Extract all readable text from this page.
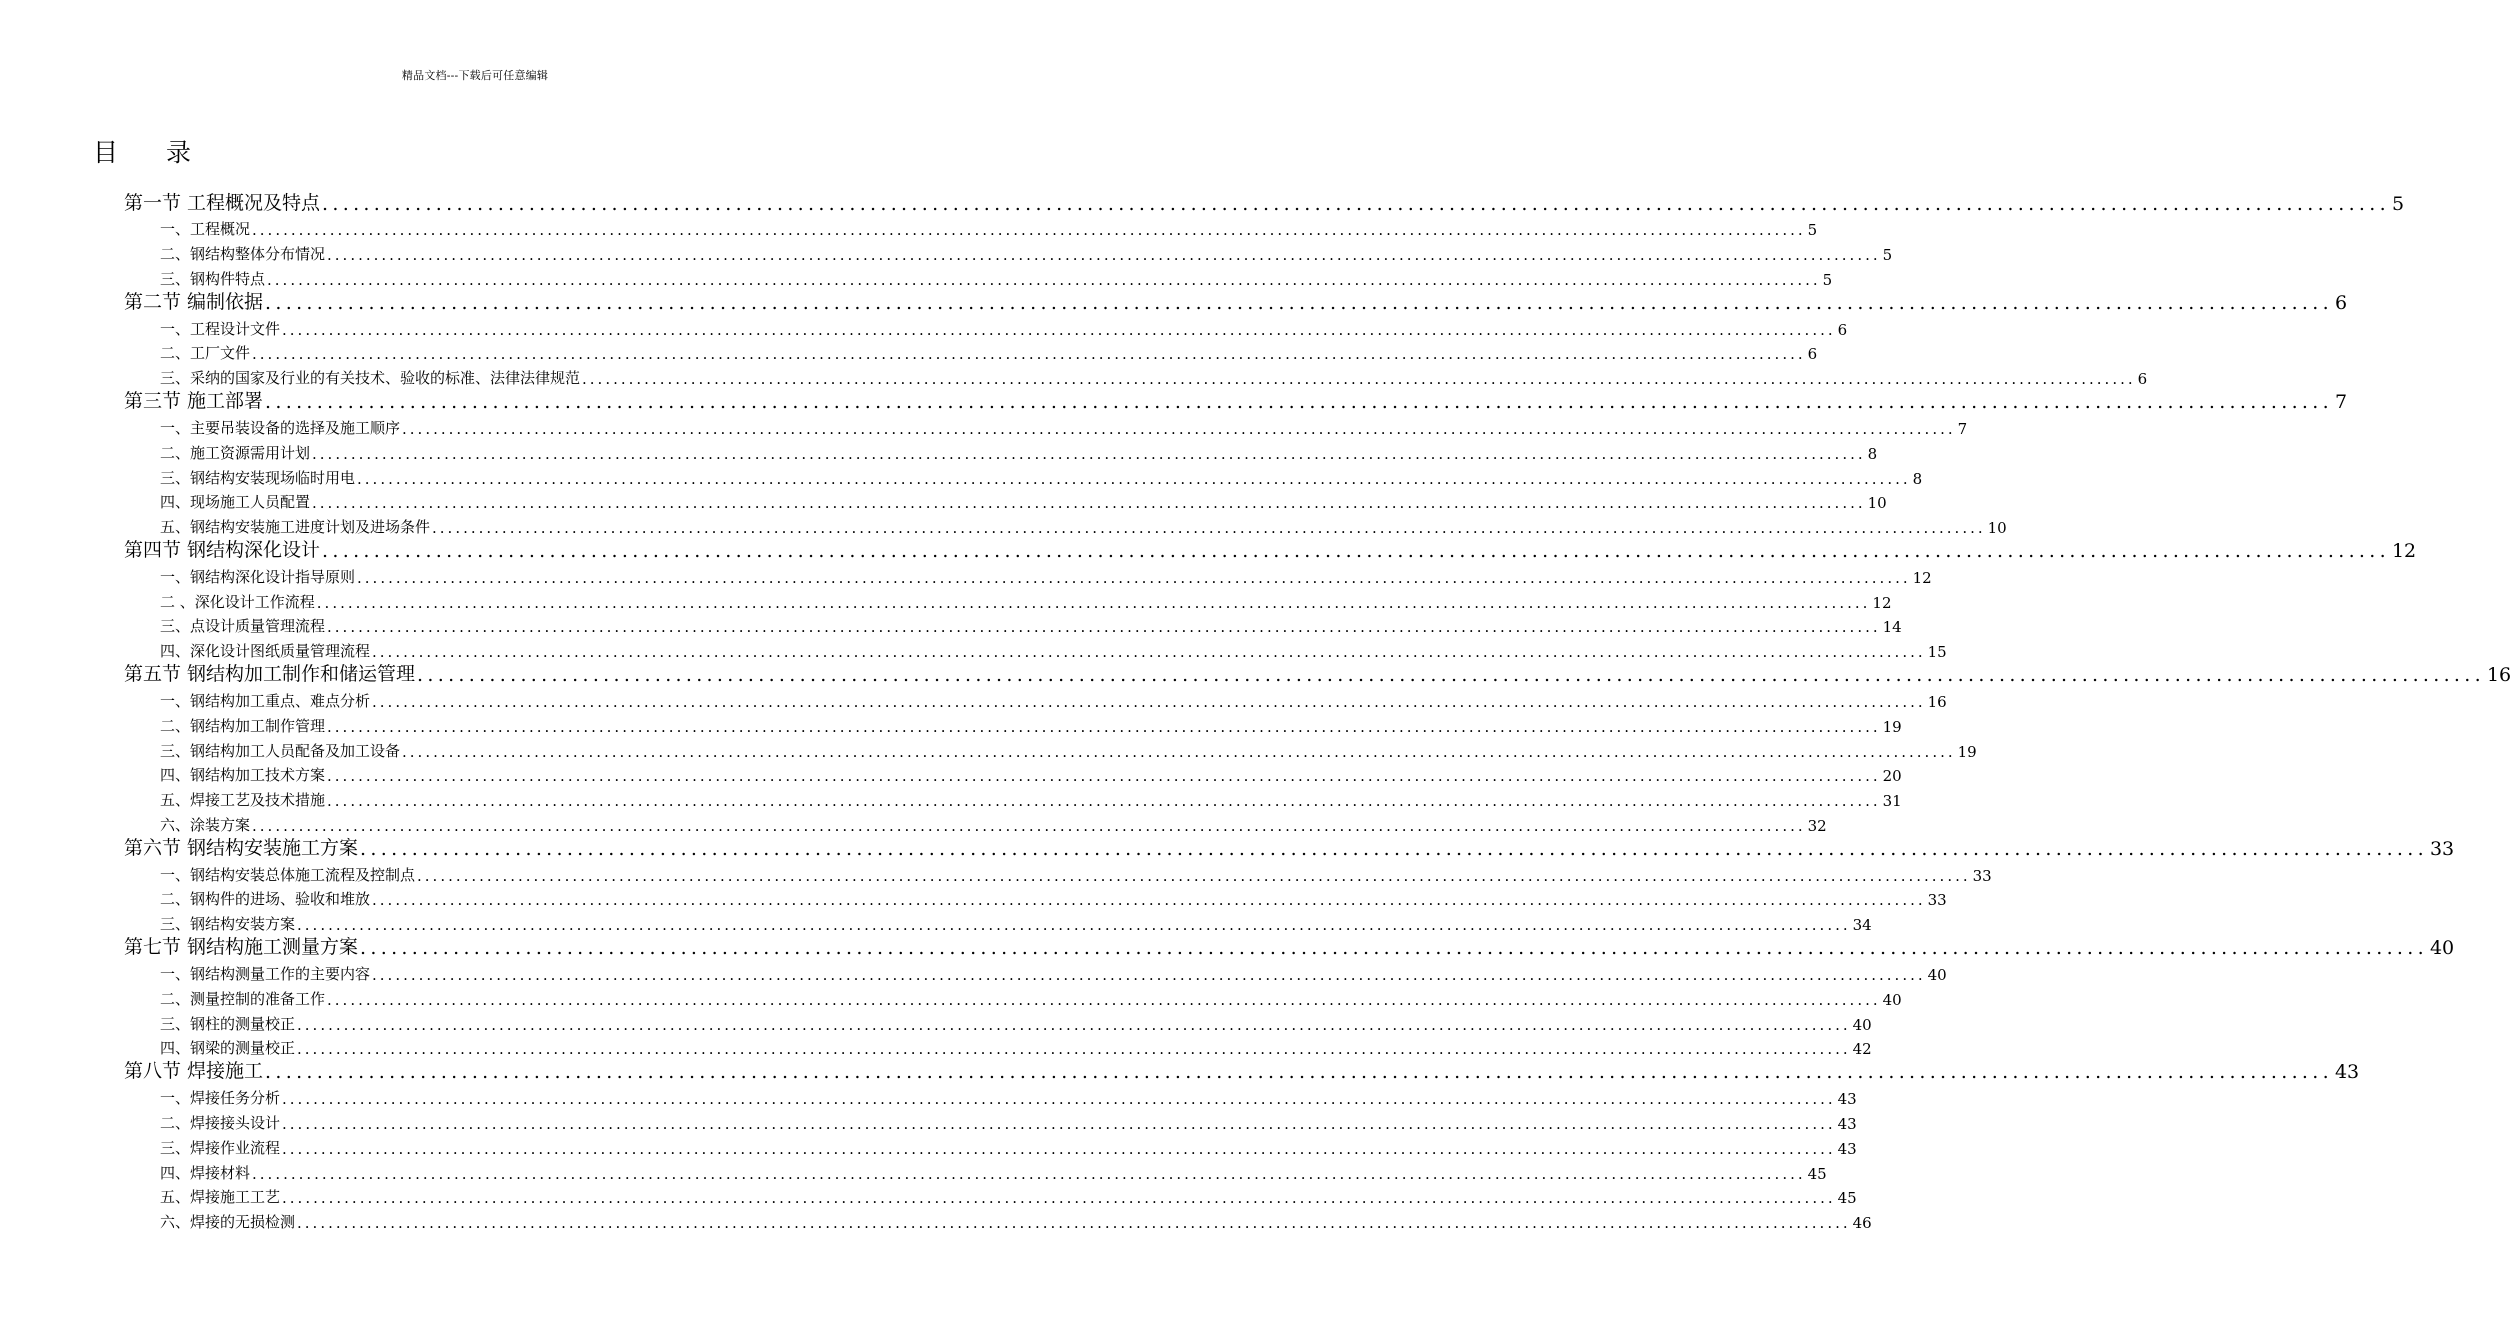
精品文档---下载后可任意编辑
目 录
第一节 工程概况及特点 ........................................................................................................................................................................................................ 5
一、工程概况 ........................................................................................................................................................................................................ 5
二、钢结构整体分布情况 ........................................................................................................................................................................................................ 5
三、钢构件特点 ........................................................................................................................................................................................................ 5
第二节 编制依据 ........................................................................................................................................................................................................ 6
一、工程设计文件 ........................................................................................................................................................................................................ 6
二、工厂文件 ........................................................................................................................................................................................................ 6
三、采纳的国家及行业的有关技术、验收的标准、法律法律规范 ........................................................................................................................................................................................................ 6
第三节 施工部署 ........................................................................................................................................................................................................ 7
一、主要吊装设备的选择及施工顺序 ........................................................................................................................................................................................................ 7
二、施工资源需用计划 ........................................................................................................................................................................................................ 8
三、钢结构安装现场临时用电 ........................................................................................................................................................................................................ 8
四、现场施工人员配置 ........................................................................................................................................................................................................ 10
五、钢结构安装施工进度计划及进场条件 ........................................................................................................................................................................................................ 10
第四节 钢结构深化设计 ........................................................................................................................................................................................................ 12
一、钢结构深化设计指导原则 ........................................................................................................................................................................................................ 12
二 、深化设计工作流程 ........................................................................................................................................................................................................ 12
三、点设计质量管理流程 ........................................................................................................................................................................................................ 14
四、深化设计图纸质量管理流程 ........................................................................................................................................................................................................ 15
第五节 钢结构加工制作和储运管理 ........................................................................................................................................................................................................ 16
一、钢结构加工重点、难点分析 ........................................................................................................................................................................................................ 16
二、钢结构加工制作管理 ........................................................................................................................................................................................................ 19
三、钢结构加工人员配备及加工设备 ........................................................................................................................................................................................................ 19
四、钢结构加工技术方案 ........................................................................................................................................................................................................ 20
五、焊接工艺及技术措施 ........................................................................................................................................................................................................ 31
六、涂装方案 ........................................................................................................................................................................................................ 32
第六节 钢结构安装施工方案 ........................................................................................................................................................................................................ 33
一、钢结构安装总体施工流程及控制点 ........................................................................................................................................................................................................ 33
二、钢构件的进场、验收和堆放 ........................................................................................................................................................................................................ 33
三、钢结构安装方案 ........................................................................................................................................................................................................ 34
第七节 钢结构施工测量方案 ........................................................................................................................................................................................................ 40
一、钢结构测量工作的主要内容 ........................................................................................................................................................................................................ 40
二、测量控制的准备工作 ........................................................................................................................................................................................................ 40
三、钢柱的测量校正 ........................................................................................................................................................................................................ 40
四、钢梁的测量校正 ........................................................................................................................................................................................................ 42
第八节 焊接施工 ........................................................................................................................................................................................................ 43
一、焊接任务分析 ........................................................................................................................................................................................................ 43
二、焊接接头设计 ........................................................................................................................................................................................................ 43
三、焊接作业流程 ........................................................................................................................................................................................................ 43
四、焊接材料 ........................................................................................................................................................................................................ 45
五、焊接施工工艺 ........................................................................................................................................................................................................ 45
六、焊接的无损检测 ........................................................................................................................................................................................................ 46
